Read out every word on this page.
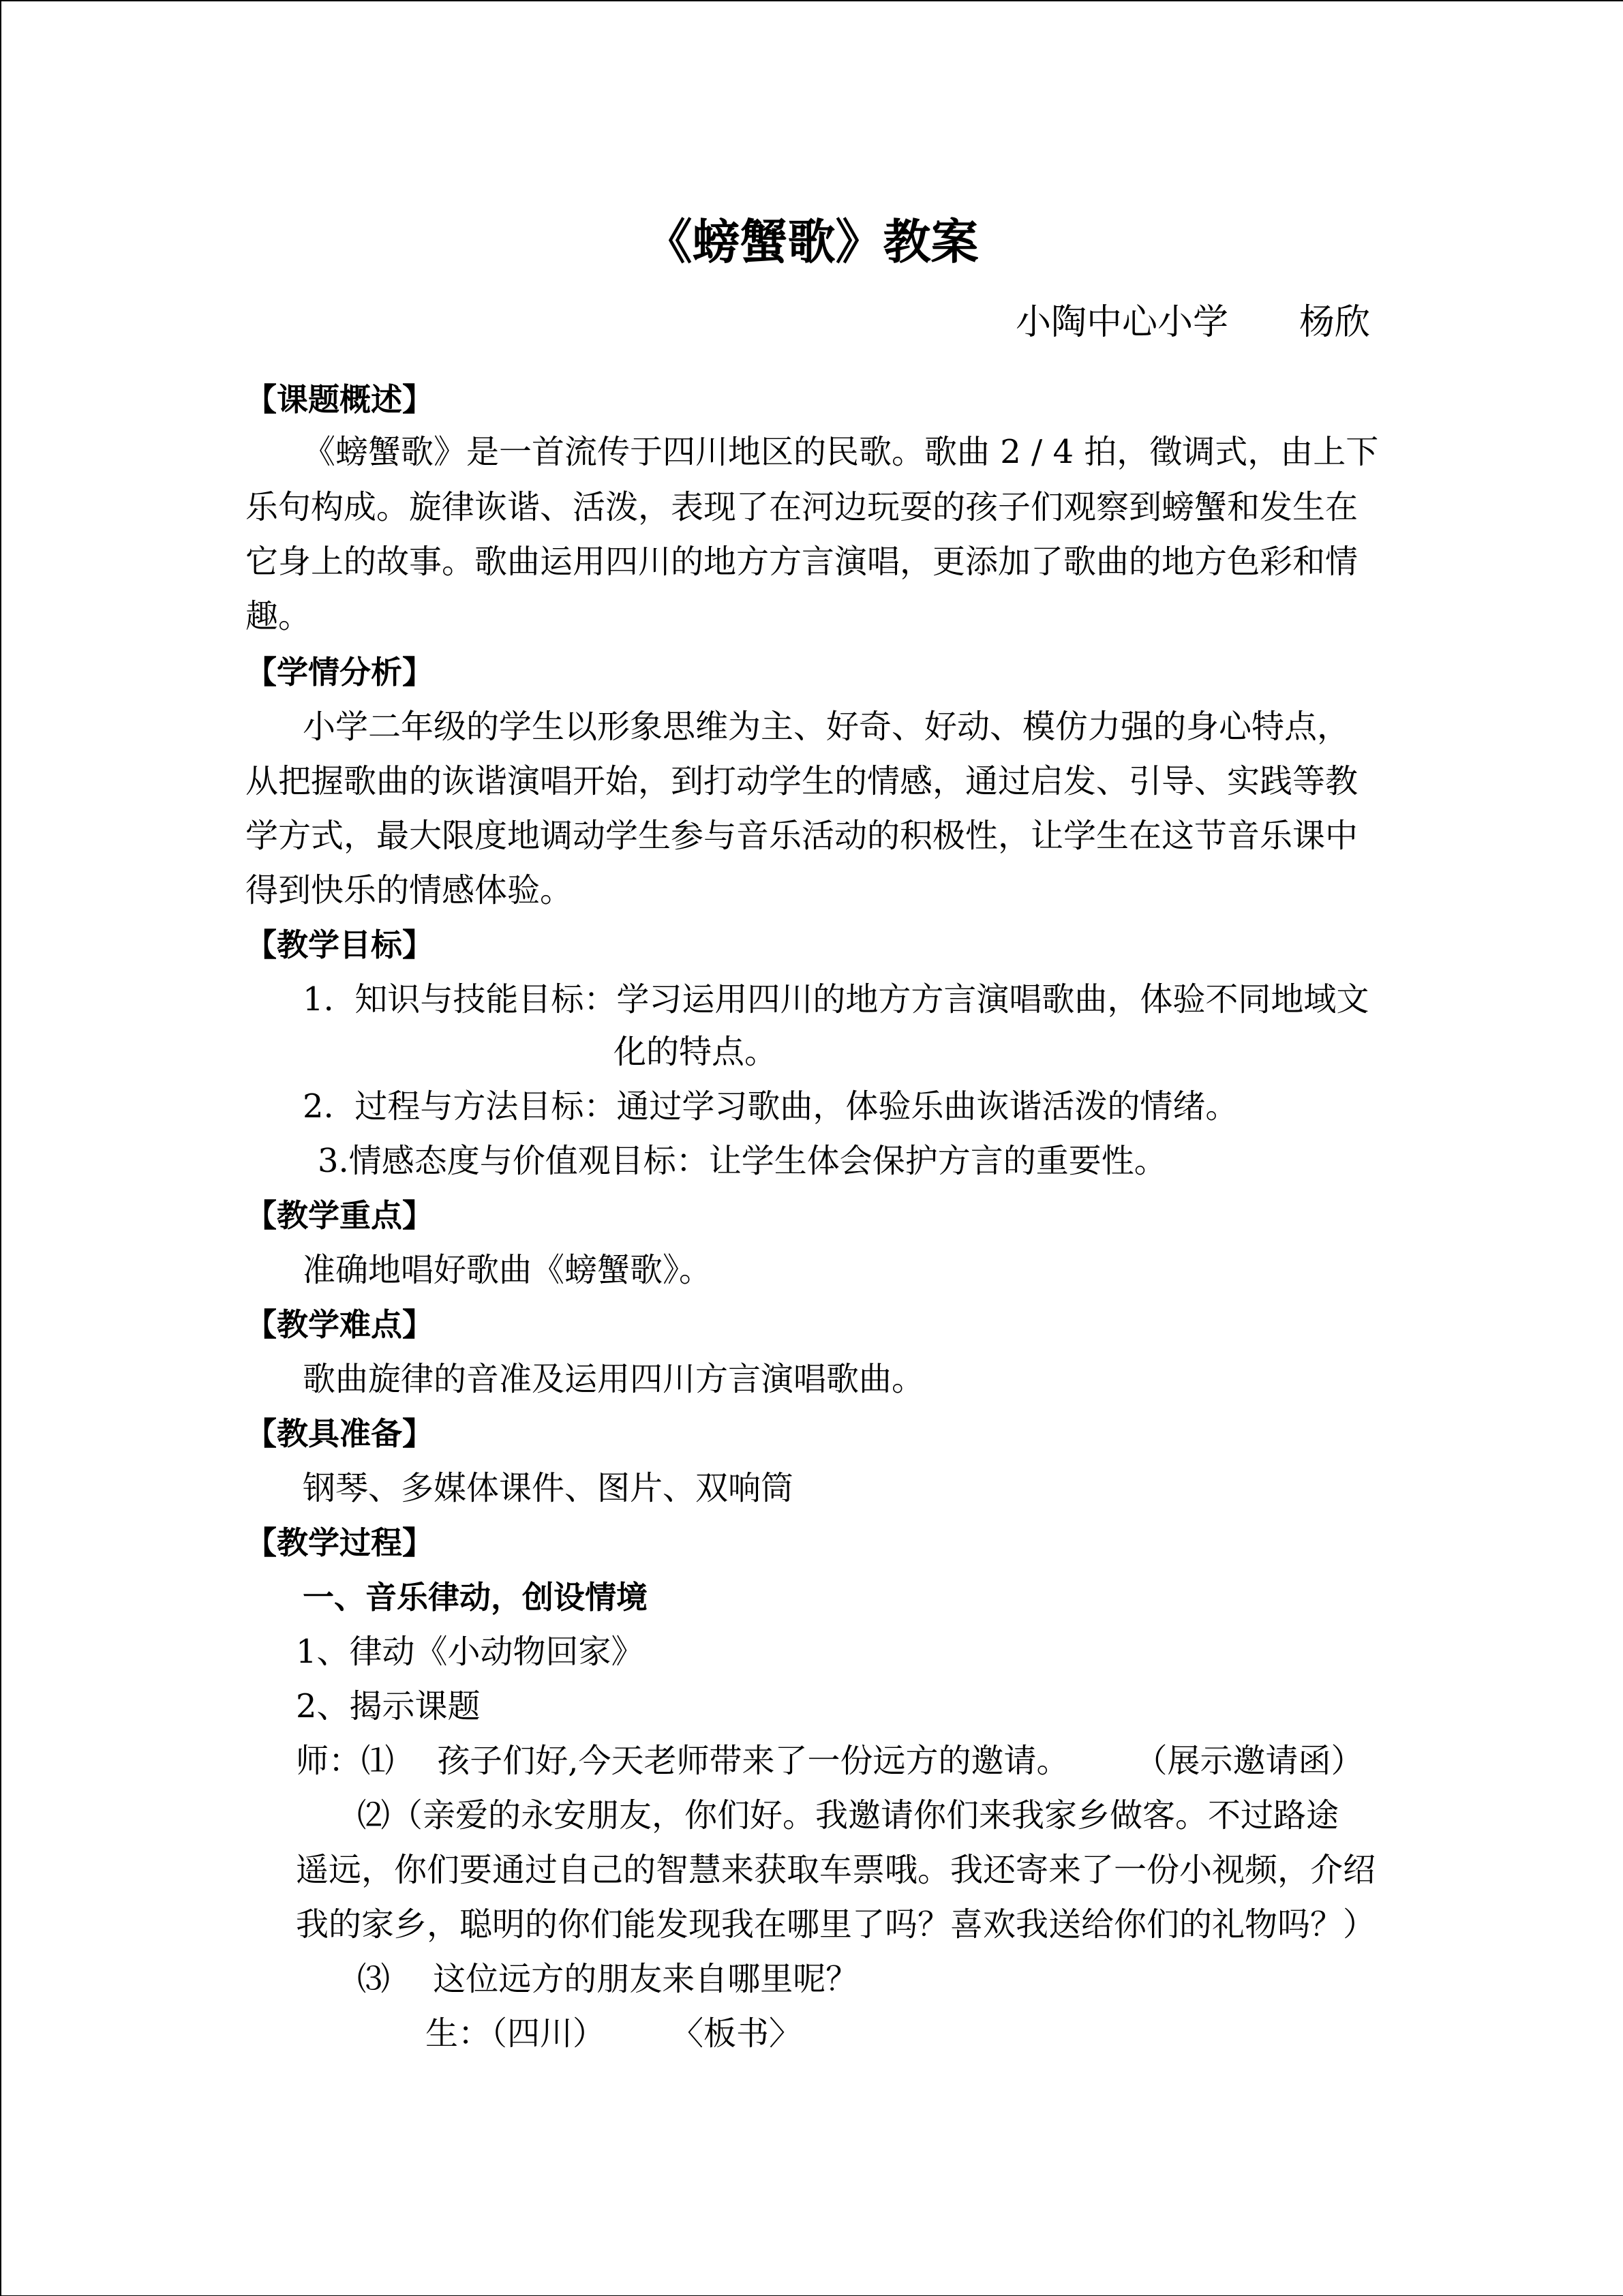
《螃蟹歌》教案
小陶中心小学　　杨欣
【课题概述】
《螃蟹歌》是一首流传于四川地区的民歌。歌曲 2 / 4 拍，徵调式，由上下
乐句构成。旋律诙谐、活泼，表现了在河边玩耍的孩子们观察到螃蟹和发生在
它身上的故事。歌曲运用四川的地方方言演唱，更添加了歌曲的地方色彩和情
趣。
【学情分析】
小学二年级的学生以形象思维为主、好奇、好动、模仿力强的身心特点，
从把握歌曲的诙谐演唱开始，到打动学生的情感，通过启发、引导、实践等教
学方式，最大限度地调动学生参与音乐活动的积极性，让学生在这节音乐课中
得到快乐的情感体验。
【教学目标】
1.  知识与技能目标：学习运用四川的地方方言演唱歌曲，体验不同地域文
化的特点。
2.  过程与方法目标：通过学习歌曲，体验乐曲诙谐活泼的情绪。
3.情感态度与价值观目标：让学生体会保护方言的重要性。
【教学重点】
准确地唱好歌曲《螃蟹歌》。
【教学难点】
歌曲旋律的音准及运用四川方言演唱歌曲。
【教具准备】
钢琴、多媒体课件、图片、双响筒
【教学过程】
一、音乐律动，创设情境
1、律动《小动物回家》
2、揭示课题
师：⑴　 孩子们好,今天老师带来了一份远方的邀请。　　　（展示邀请函）
⑵（亲爱的永安朋友，你们好。我邀请你们来我家乡做客。不过路途
遥远，你们要通过自己的智慧来获取车票哦。我还寄来了一份小视频，介绍
我的家乡，聪明的你们能发现我在哪里了吗？喜欢我送给你们的礼物吗？）
⑶　 这位远方的朋友来自哪里呢？
生：（四川）　　　〈板书〉
